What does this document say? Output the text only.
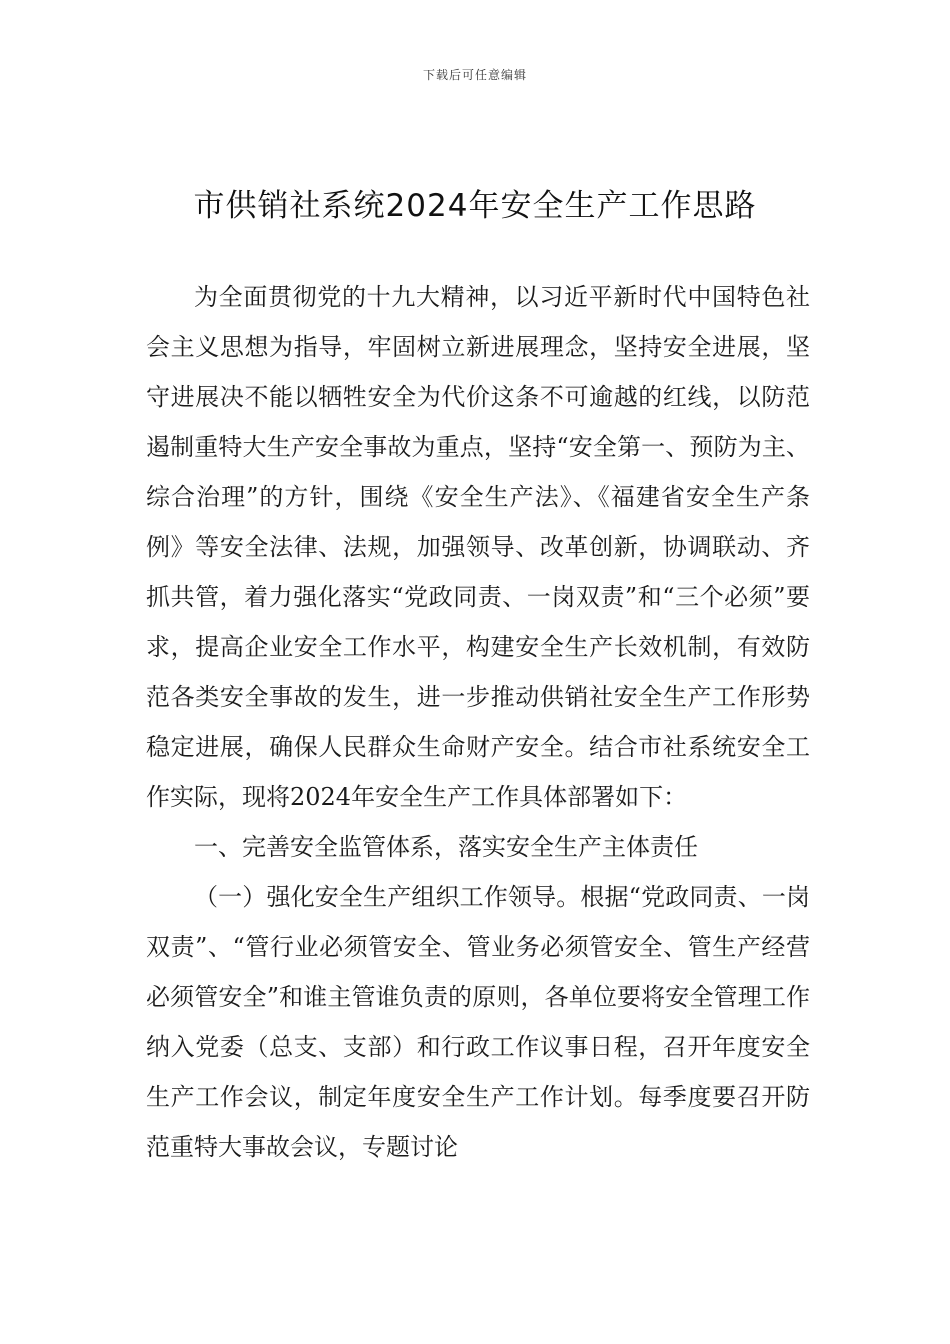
下载后可任意编辑
市供销社系统2024年安全生产工作思路

为全面贯彻党的十九大精神，以习近平新时代中国特色社会主义思想为指导，牢固树立新进展理念，坚持安全进展，坚守进展决不能以牺牲安全为代价这条不可逾越的红线，以防范遏制重特大生产安全事故为重点，坚持“安全第一、预防为主、综合治理”的方针，围绕《安全生产法》、《福建省安全生产条例》等安全法律、法规，加强领导、改革创新，协调联动、齐抓共管，着力强化落实“党政同责、一岗双责”和“三个必须”要求，提高企业安全工作水平，构建安全生产长效机制，有效防范各类安全事故的发生，进一步推动供销社安全生产工作形势稳定进展，确保人民群众生命财产安全。结合市社系统安全工作实际，现将2024年安全生产工作具体部署如下：

一、完善安全监管体系，落实安全生产主体责任

（一）强化安全生产组织工作领导。根据“党政同责、一岗双责”、“管行业必须管安全、管业务必须管安全、管生产经营必须管安全”和谁主管谁负责的原则，各单位要将安全管理工作纳入党委（总支、支部）和行政工作议事日程，召开年度安全生产工作会议，制定年度安全生产工作计划。每季度要召开防范重特大事故会议，专题讨论
